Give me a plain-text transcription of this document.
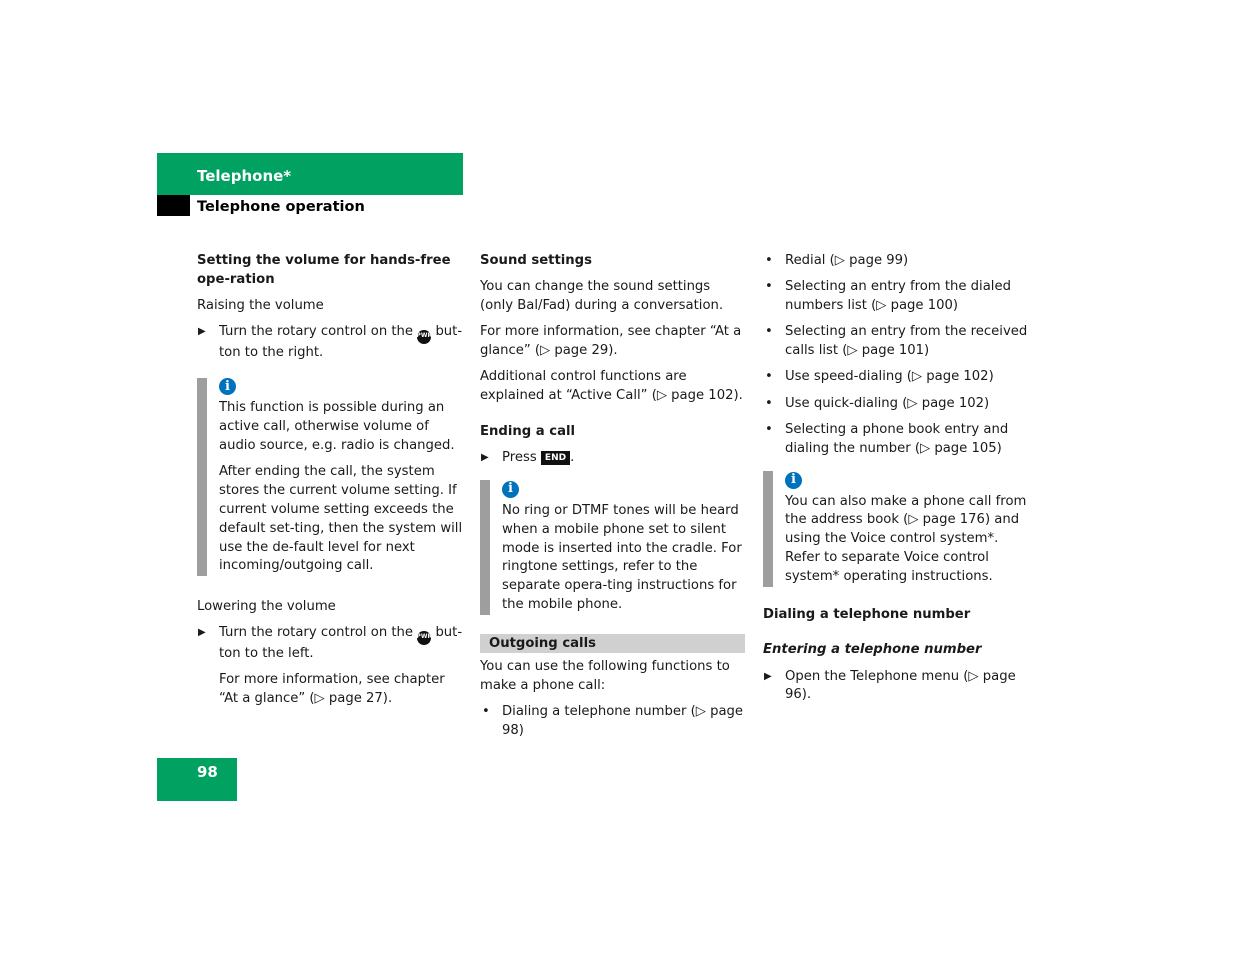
Telephone*
Telephone operation

Setting the volume for hands-free ope-ration

Raising the volume

▶ Turn the rotary control on the PWR but-ton to the right.
i

This function is possible during an active call, otherwise volume of audio source, e.g. radio is changed.

After ending the call, the system stores the current volume setting. If current volume setting exceeds the default set-ting, then the system will use the de-fault level for next incoming/outgoing call.

Lowering the volume

▶ Turn the rotary control on the PWR but-ton to the left.

For more information, see chapter “At a glance” (▷ page 27).

Sound settings

You can change the sound settings (only Bal/Fad) during a conversation.

For more information, see chapter “At a glance” (▷ page 29).

Additional control functions are explained at “Active Call” (▷ page 102).

Ending a call

▶ Press END .
i

No ring or DTMF tones will be heard when a mobile phone set to silent mode is inserted into the cradle. For ringtone settings, refer to the separate opera-ting instructions for the mobile phone.

Outgoing calls

You can use the following functions to make a phone call:

• Dialing a telephone number (▷ page 98)
• Redial (▷ page 99)
• Selecting an entry from the dialed numbers list (▷ page 100)
• Selecting an entry from the received calls list (▷ page 101)
• Use speed-dialing (▷ page 102)
• Use quick-dialing (▷ page 102)
• Selecting a phone book entry and dialing the number (▷ page 105)
i

You can also make a phone call from the address book (▷ page 176) and using the Voice control system*. Refer to separate Voice control system* operating instructions.

Dialing a telephone number

Entering a telephone number

▶ Open the Telephone menu (▷ page 96).
98
